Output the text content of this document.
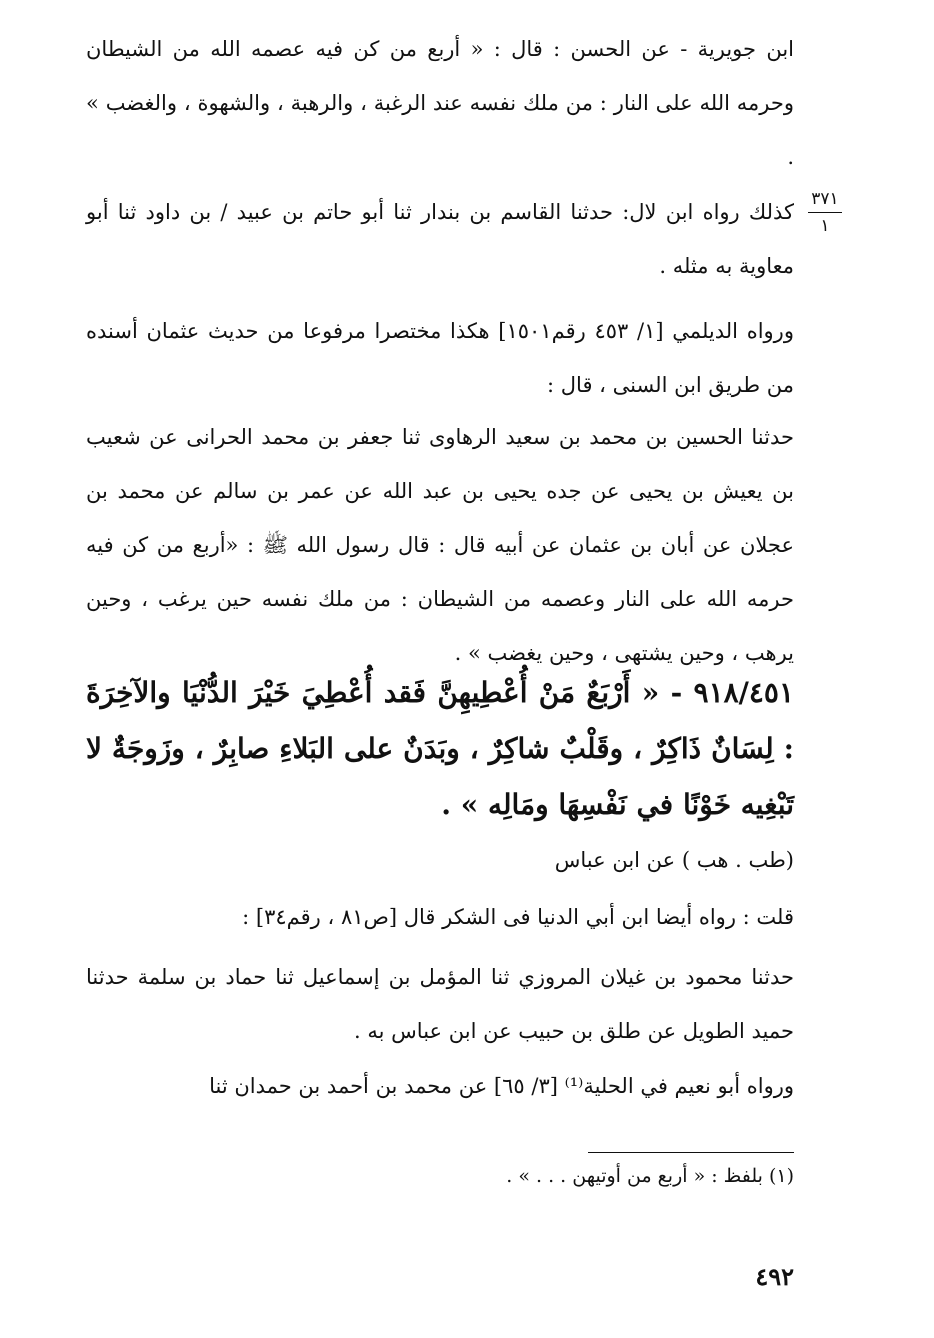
ابن جويرية - عن الحسن : قال : « أربع من كن فيه عصمه الله من الشيطان وحرمه الله على النار : من ملك نفسه عند الرغبة ، والرهبة ، والشهوة ، والغضب » .
٣٧١
١
كذلك رواه ابن لال: حدثنا القاسم بن بندار ثنا أبو حاتم بن عبيد / بن داود ثنا أبو معاوية به مثله .
ورواه الديلمي [١/ ٤٥٣ رقم١٥٠١] هكذا مختصرا مرفوعا من حديث عثمان أسنده من طريق ابن السنى ، قال :
حدثنا الحسين بن محمد بن سعيد الرهاوى ثنا جعفر بن محمد الحرانى عن شعيب بن يعيش بن يحيى عن جده يحيى بن عبد الله عن عمر بن سالم عن محمد بن عجلان عن أبان بن عثمان عن أبيه قال : قال رسول الله ﷺ : «أربع من كن فيه حرمه الله على النار وعصمه من الشيطان : من ملك نفسه حين يرغب ، وحين يرهب ، وحين يشتهى ، وحين يغضب » .
٩١٨/٤٥١ - « أَرْبَعٌ مَنْ أُعْطِيهِنَّ فَقد أُعْطِيَ خَيْرَ الدُّنْيَا والآخِرَةَ : لِسَانٌ ذَاكِرٌ ، وقَلْبٌ شاكِرٌ ، وبَدَنٌ على البَلاءِ صابِرٌ ، وزَوجَةٌ لا تَبْغِيه خَوْنًا في نَفْسِهَا ومَالِه » .
(طب . هب ) عن ابن عباس
قلت : رواه أيضا ابن أبي الدنيا فى الشكر قال [ص٨١ ، رقم٣٤] :
حدثنا محمود بن غيلان المروزي ثنا المؤمل بن إسماعيل ثنا حماد بن سلمة حدثنا حميد الطويل عن طلق بن حبيب عن ابن عباس به .
ورواه أبو نعيم في الحلية⁽¹⁾ [٣/ ٦٥] عن محمد بن أحمد بن حمدان ثنا
(١) بلفظ : « أربع من أوتيهن . . . » .
٤٩٢
